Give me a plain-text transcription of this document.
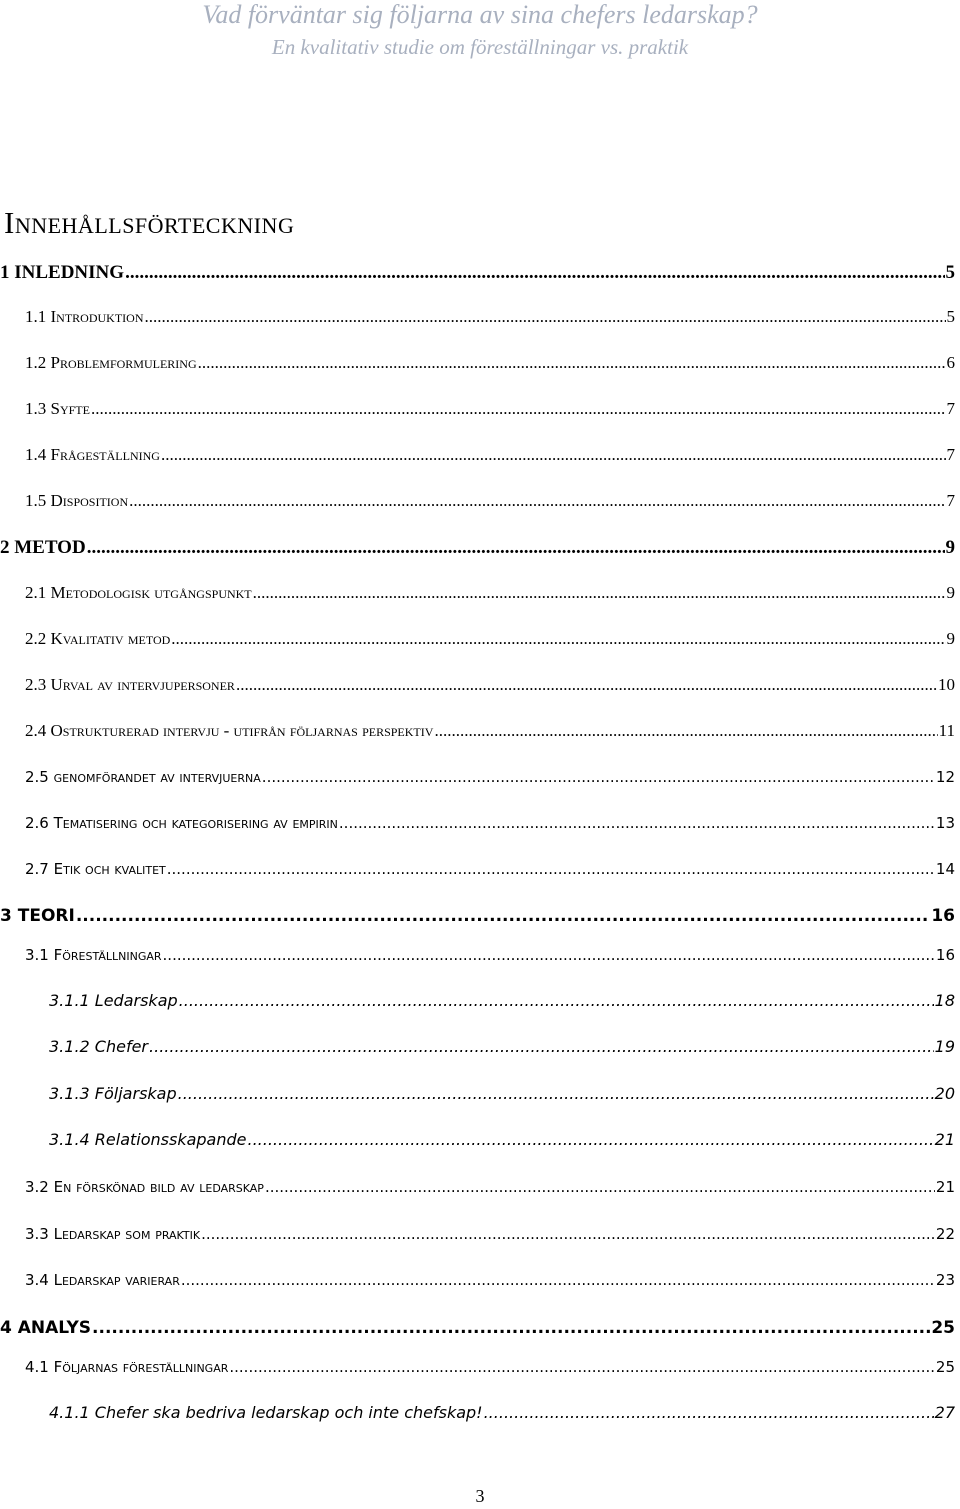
Vad förväntar sig följarna av sina chefers ledarskap?
En kvalitativ studie om föreställningar vs. praktik
Innehållsförteckning
1 INLEDNING .....	5
1.1 Introduktion .....	5
1.2 Problemformulering .....	6
1.3 Syfte .....	7
1.4 Frågeställning .....	7
1.5 Disposition .....	7
2 METOD .....	9
2.1 Metodologisk utgångspunkt .....	9
2.2 Kvalitativ metod .....	9
2.3 Urval av intervjupersoner .....	10
2.4 Ostrukturerad intervju - utifrån följarnas perspektiv .....	11
2.5 genomförandet av intervjuerna .....	12
2.6 Tematisering och kategorisering av empirin .....	13
2.7 Etik och kvalitet .....	14
3 TEORI .....	16
3.1 Föreställningar .....	16
3.1.1 Ledarskap .....	18
3.1.2 Chefer .....	19
3.1.3 Följarskap .....	20
3.1.4 Relationsskapande .....	21
3.2 En förskönad bild av ledarskap .....	21
3.3 Ledarskap som praktik .....	22
3.4 Ledarskap varierar .....	23
4 ANALYS .....	25
4.1 Följarnas föreställningar .....	25
4.1.1 Chefer ska bedriva ledarskap och inte chefskap! .....	27
3
